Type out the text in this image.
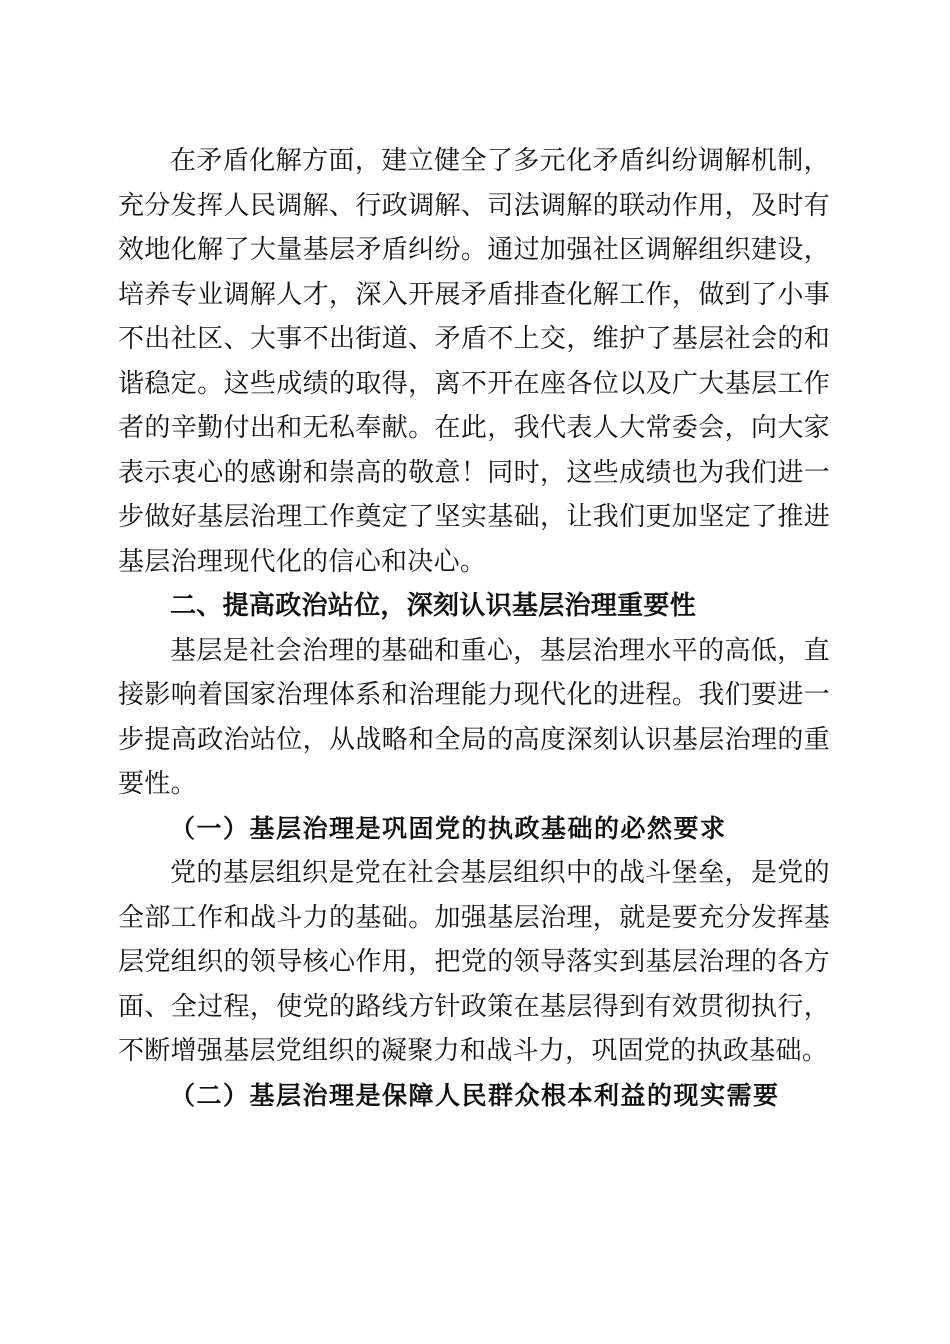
在矛盾化解方面，建立健全了多元化矛盾纠纷调解机制，充分发挥人民调解、行政调解、司法调解的联动作用，及时有效地化解了大量基层矛盾纠纷。通过加强社区调解组织建设，培养专业调解人才，深入开展矛盾排查化解工作，做到了小事不出社区、大事不出街道、矛盾不上交，维护了基层社会的和谐稳定。这些成绩的取得，离不开在座各位以及广大基层工作者的辛勤付出和无私奉献。在此，我代表人大常委会，向大家表示衷心的感谢和崇高的敬意！同时，这些成绩也为我们进一步做好基层治理工作奠定了坚实基础，让我们更加坚定了推进基层治理现代化的信心和决心。

二、提高政治站位，深刻认识基层治理重要性

基层是社会治理的基础和重心，基层治理水平的高低，直接影响着国家治理体系和治理能力现代化的进程。我们要进一步提高政治站位，从战略和全局的高度深刻认识基层治理的重要性。

（一）基层治理是巩固党的执政基础的必然要求

党的基层组织是党在社会基层组织中的战斗堡垒，是党的全部工作和战斗力的基础。加强基层治理，就是要充分发挥基层党组织的领导核心作用，把党的领导落实到基层治理的各方面、全过程，使党的路线方针政策在基层得到有效贯彻执行，不断增强基层党组织的凝聚力和战斗力，巩固党的执政基础。

（二）基层治理是保障人民群众根本利益的现实需要
